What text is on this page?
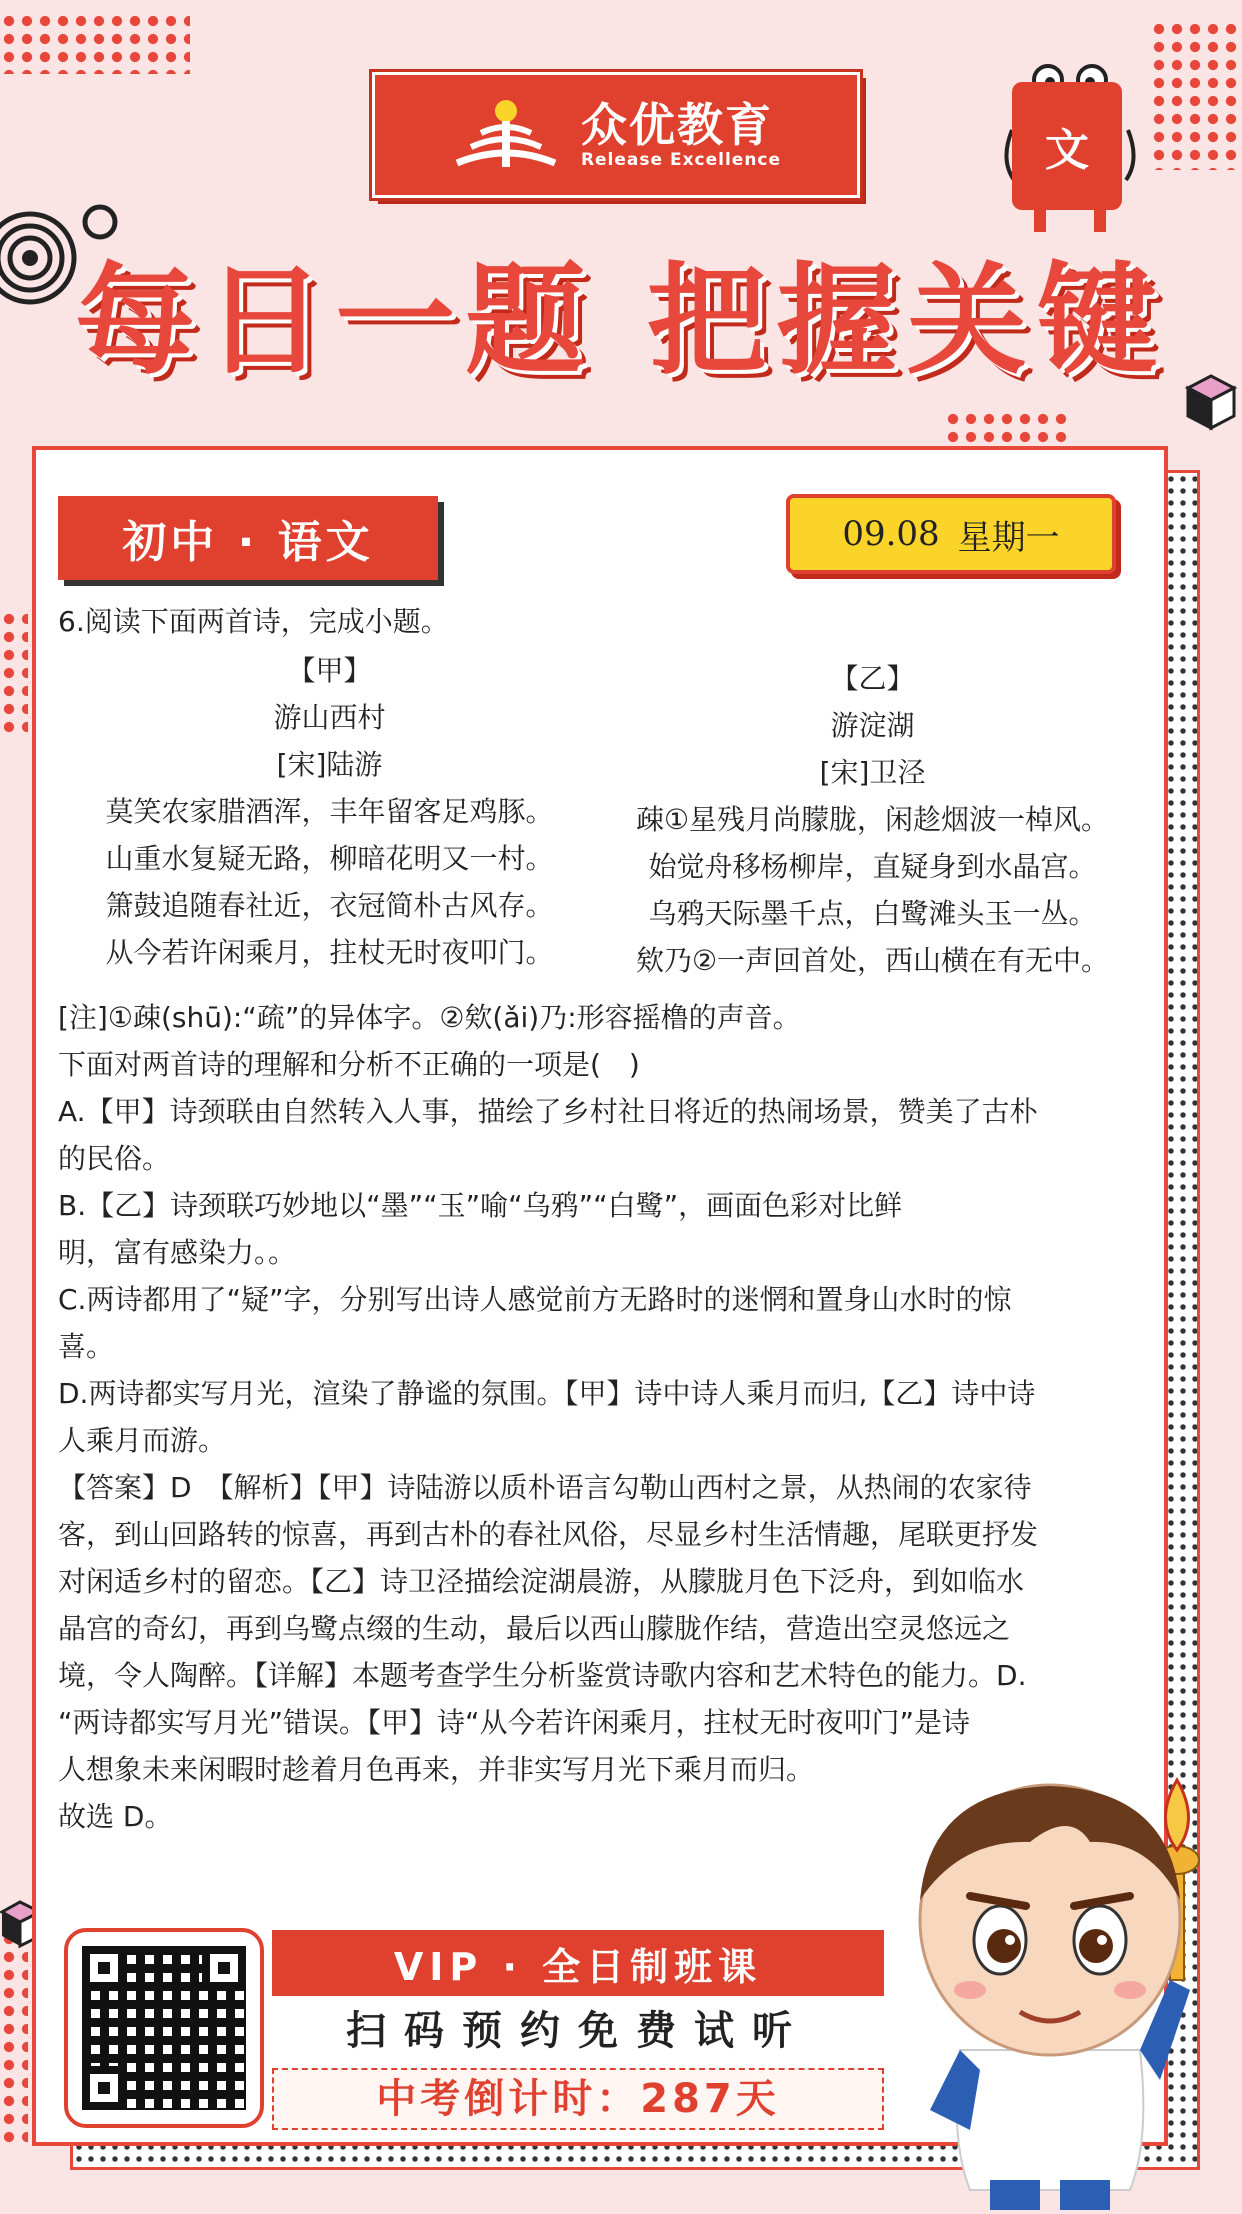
众优教育
Release Excellence	文
每日一题 把握关键
初中 · 语文	09.08 星期一

6.阅读下面两首诗，完成小题。

【甲】

游山西村

[宋]陆游

莫笑农家腊酒浑，丰年留客足鸡豚。

山重水复疑无路，柳暗花明又一村。

箫鼓追随春社近，衣冠简朴古风存。

从今若许闲乘月，拄杖无时夜叩门。

【乙】

游淀湖

[宋]卫泾

疎①星残月尚朦胧，闲趁烟波一棹风。

始觉舟移杨柳岸，直疑身到水晶宫。

乌鸦天际墨千点，白鹭滩头玉一丛。

欸乃②一声回首处，西山横在有无中。

[注]①疎(shū):“疏”的异体字。②欸(ǎi)乃:形容摇橹的声音。

下面对两首诗的理解和分析不正确的一项是(　)

A.【甲】诗颈联由自然转入人事，描绘了乡村社日将近的热闹场景，赞美了古朴

的民俗。

B.【乙】诗颈联巧妙地以“墨”“玉”喻“乌鸦”“白鹭”，画面色彩对比鲜

明，富有感染力。。

C.两诗都用了“疑”字，分别写出诗人感觉前方无路时的迷惘和置身山水时的惊

喜。

D.两诗都实写月光，渲染了静谧的氛围。【甲】诗中诗人乘月而归,【乙】诗中诗

人乘月而游。

【答案】D　【解析】【甲】诗陆游以质朴语言勾勒山西村之景，从热闹的农家待

客，到山回路转的惊喜，再到古朴的春社风俗，尽显乡村生活情趣，尾联更抒发

对闲适乡村的留恋。【乙】诗卫泾描绘淀湖晨游，从朦胧月色下泛舟，到如临水

晶宫的奇幻，再到乌鹭点缀的生动，最后以西山朦胧作结，营造出空灵悠远之

境，令人陶醉。【详解】本题考查学生分析鉴赏诗歌内容和艺术特色的能力。D.

“两诗都实写月光”错误。【甲】诗“从今若许闲乘月，拄杖无时夜叩门”是诗

人想象未来闲暇时趁着月色再来，并非实写月光下乘月而归。

故选 D。

VIP · 全日制班课
扫码预约免费试听
中考倒计时：287天
